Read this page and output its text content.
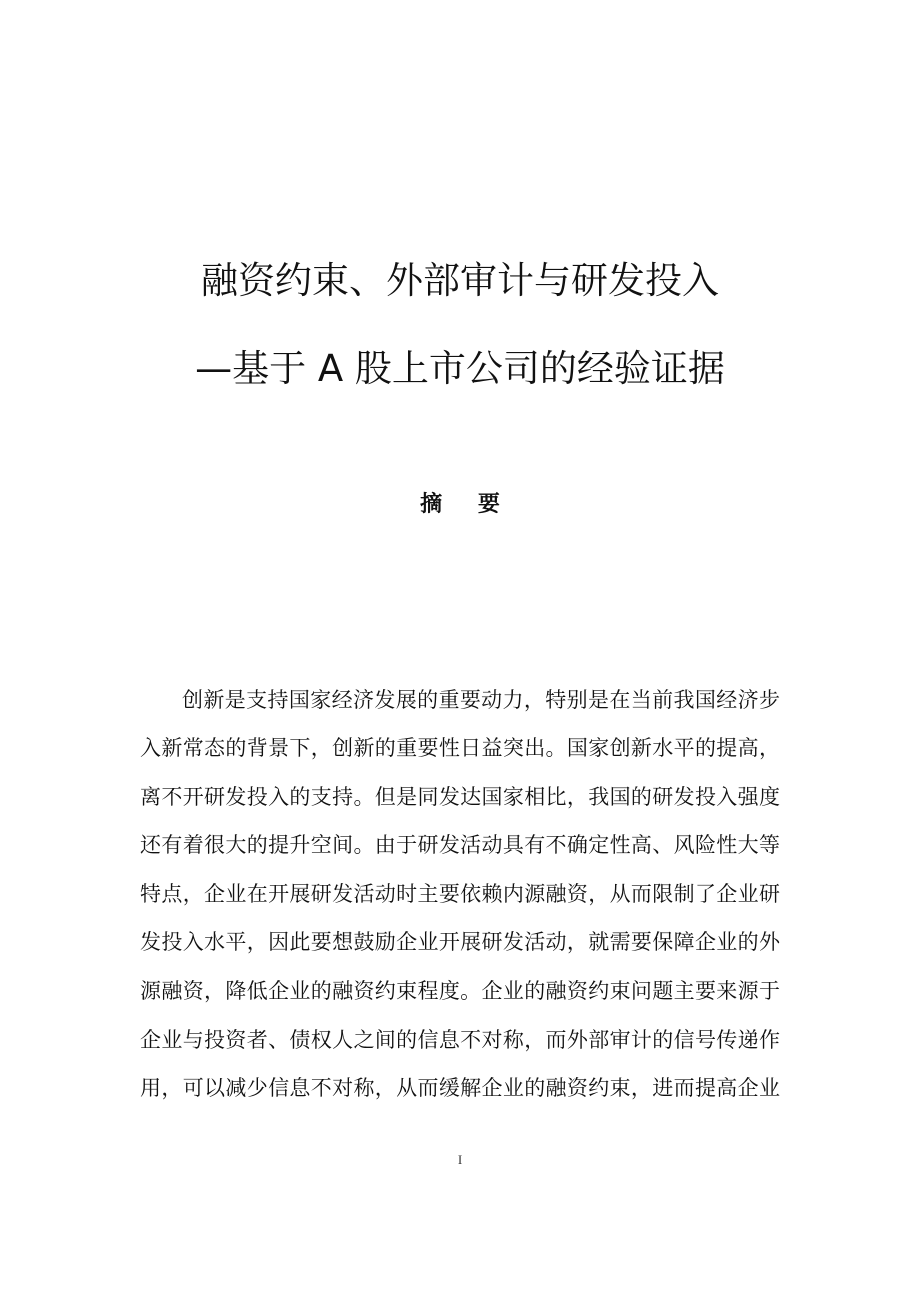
融资约束、外部审计与研发投入
—基于 A 股上市公司的经验证据
摘 要
创新是支持国家经济发展的重要动力，特别是在当前我国经济步
入新常态的背景下，创新的重要性日益突出。国家创新水平的提高，
离不开研发投入的支持。但是同发达国家相比，我国的研发投入强度
还有着很大的提升空间。由于研发活动具有不确定性高、风险性大等
特点，企业在开展研发活动时主要依赖内源融资，从而限制了企业研
发投入水平，因此要想鼓励企业开展研发活动，就需要保障企业的外
源融资，降低企业的融资约束程度。企业的融资约束问题主要来源于
企业与投资者、债权人之间的信息不对称，而外部审计的信号传递作
用，可以减少信息不对称，从而缓解企业的融资约束，进而提高企业
I
